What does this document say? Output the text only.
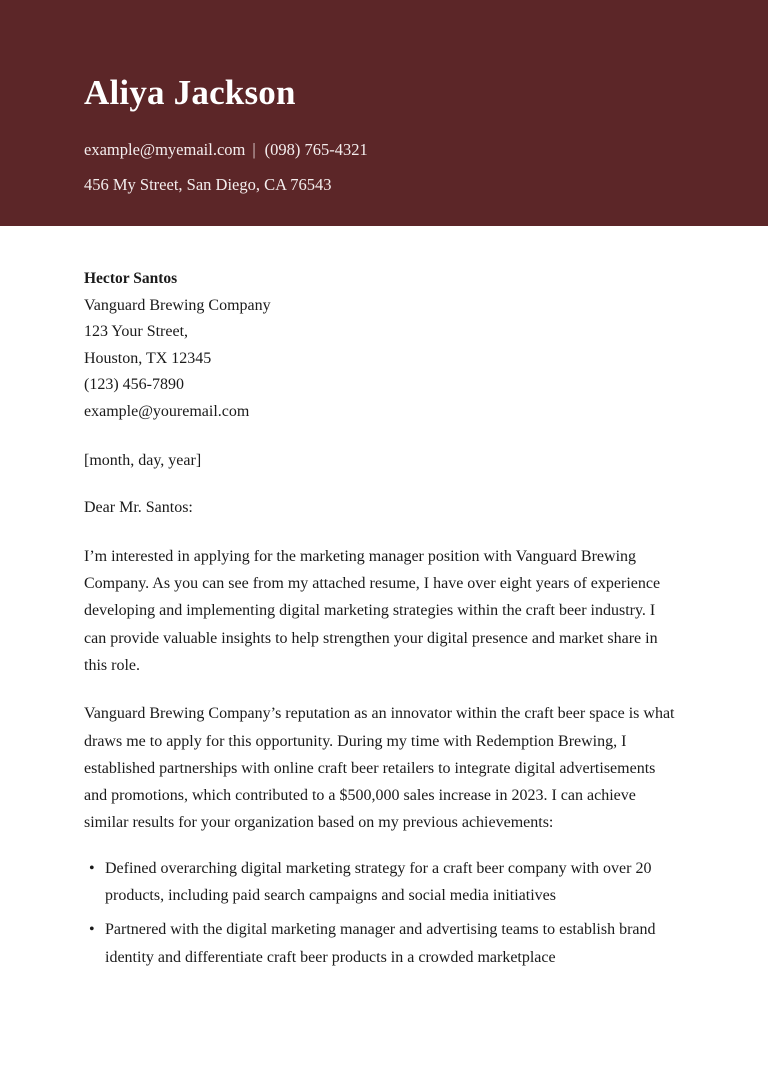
Aliya Jackson
example@myemail.com | (098) 765-4321
456 My Street, San Diego, CA 76543
Hector Santos
Vanguard Brewing Company
123 Your Street,
Houston, TX 12345
(123) 456-7890
example@youremail.com
[month, day, year]
Dear Mr. Santos:
I’m interested in applying for the marketing manager position with Vanguard Brewing Company. As you can see from my attached resume, I have over eight years of experience developing and implementing digital marketing strategies within the craft beer industry. I can provide valuable insights to help strengthen your digital presence and market share in this role.
Vanguard Brewing Company’s reputation as an innovator within the craft beer space is what draws me to apply for this opportunity. During my time with Redemption Brewing, I established partnerships with online craft beer retailers to integrate digital advertisements and promotions, which contributed to a $500,000 sales increase in 2023. I can achieve similar results for your organization based on my previous achievements:
• Defined overarching digital marketing strategy for a craft beer company with over 20 products, including paid search campaigns and social media initiatives
• Partnered with the digital marketing manager and advertising teams to establish brand identity and differentiate craft beer products in a crowded marketplace
